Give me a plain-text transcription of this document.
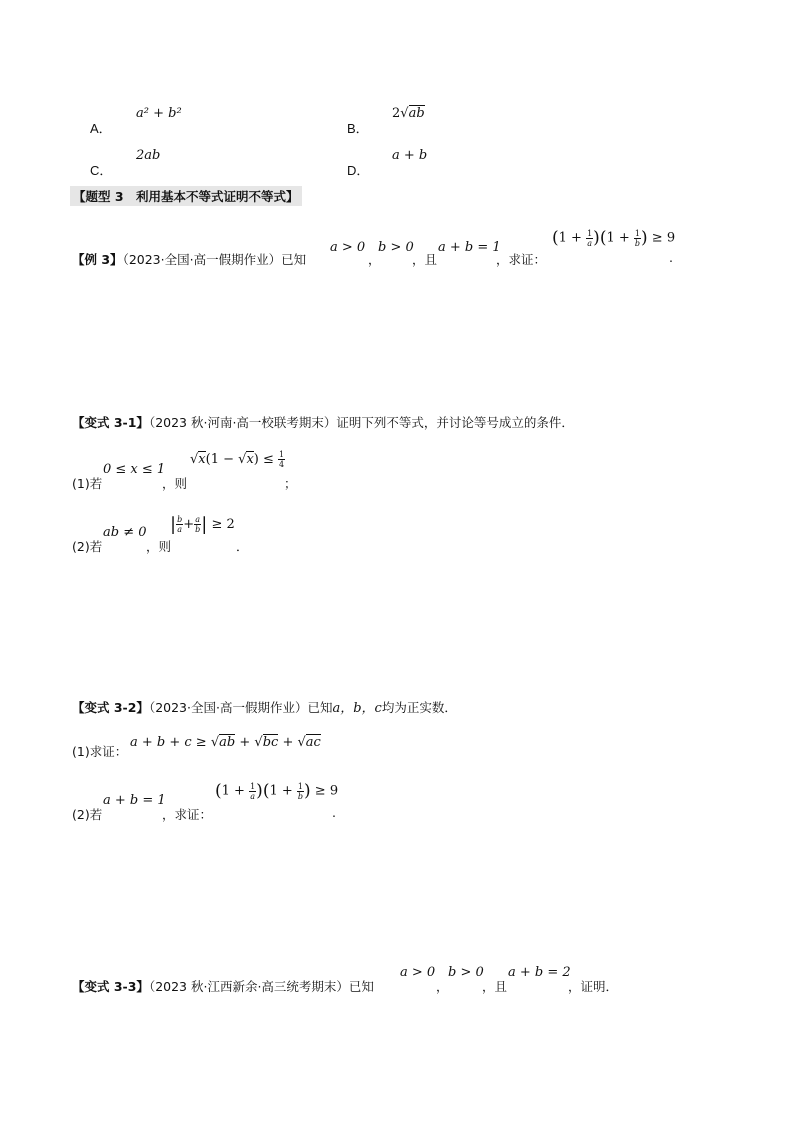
A．
a² + b²
B．
2√ab
C．
2ab
D．
a + b
【题型 3　利用基本不等式证明不等式】
【例 3】（2023·全国·高一假期作业）已知
a > 0
，
b > 0
，且
a + b = 1
，求证：
$(1 + \frac{1}{a} )(1 + \frac{1}{b}$ ) ≥ 9
.
【变式 3-1】（2023 秋·河南·高一校联考期末）证明下列不等式，并讨论等号成立的条件．
(1)若
0 ≤ x ≤ 1
，则
$√x(1 - √x) \le \frac{1}{4}$
；
(2)若
ab ≠ 0
，则
| $\frac{b}{a} + \frac{a}{b}$ | ≥ 2
．
【变式 3-2】（2023·全国·高一假期作业）已知a，b，c均为正实数．
(1)求证：
a + b + c ≥ √ab + √bc + √ac
(2)若
a + b = 1
，求证：
$(1 + \frac{1}{a} )(1 + \frac{1}{b}$ ) ≥ 9
.
【变式 3-3】（2023 秋·江西新余·高三统考期末）已知
a > 0
，
b > 0
，且
a + b = 2
，证明．
